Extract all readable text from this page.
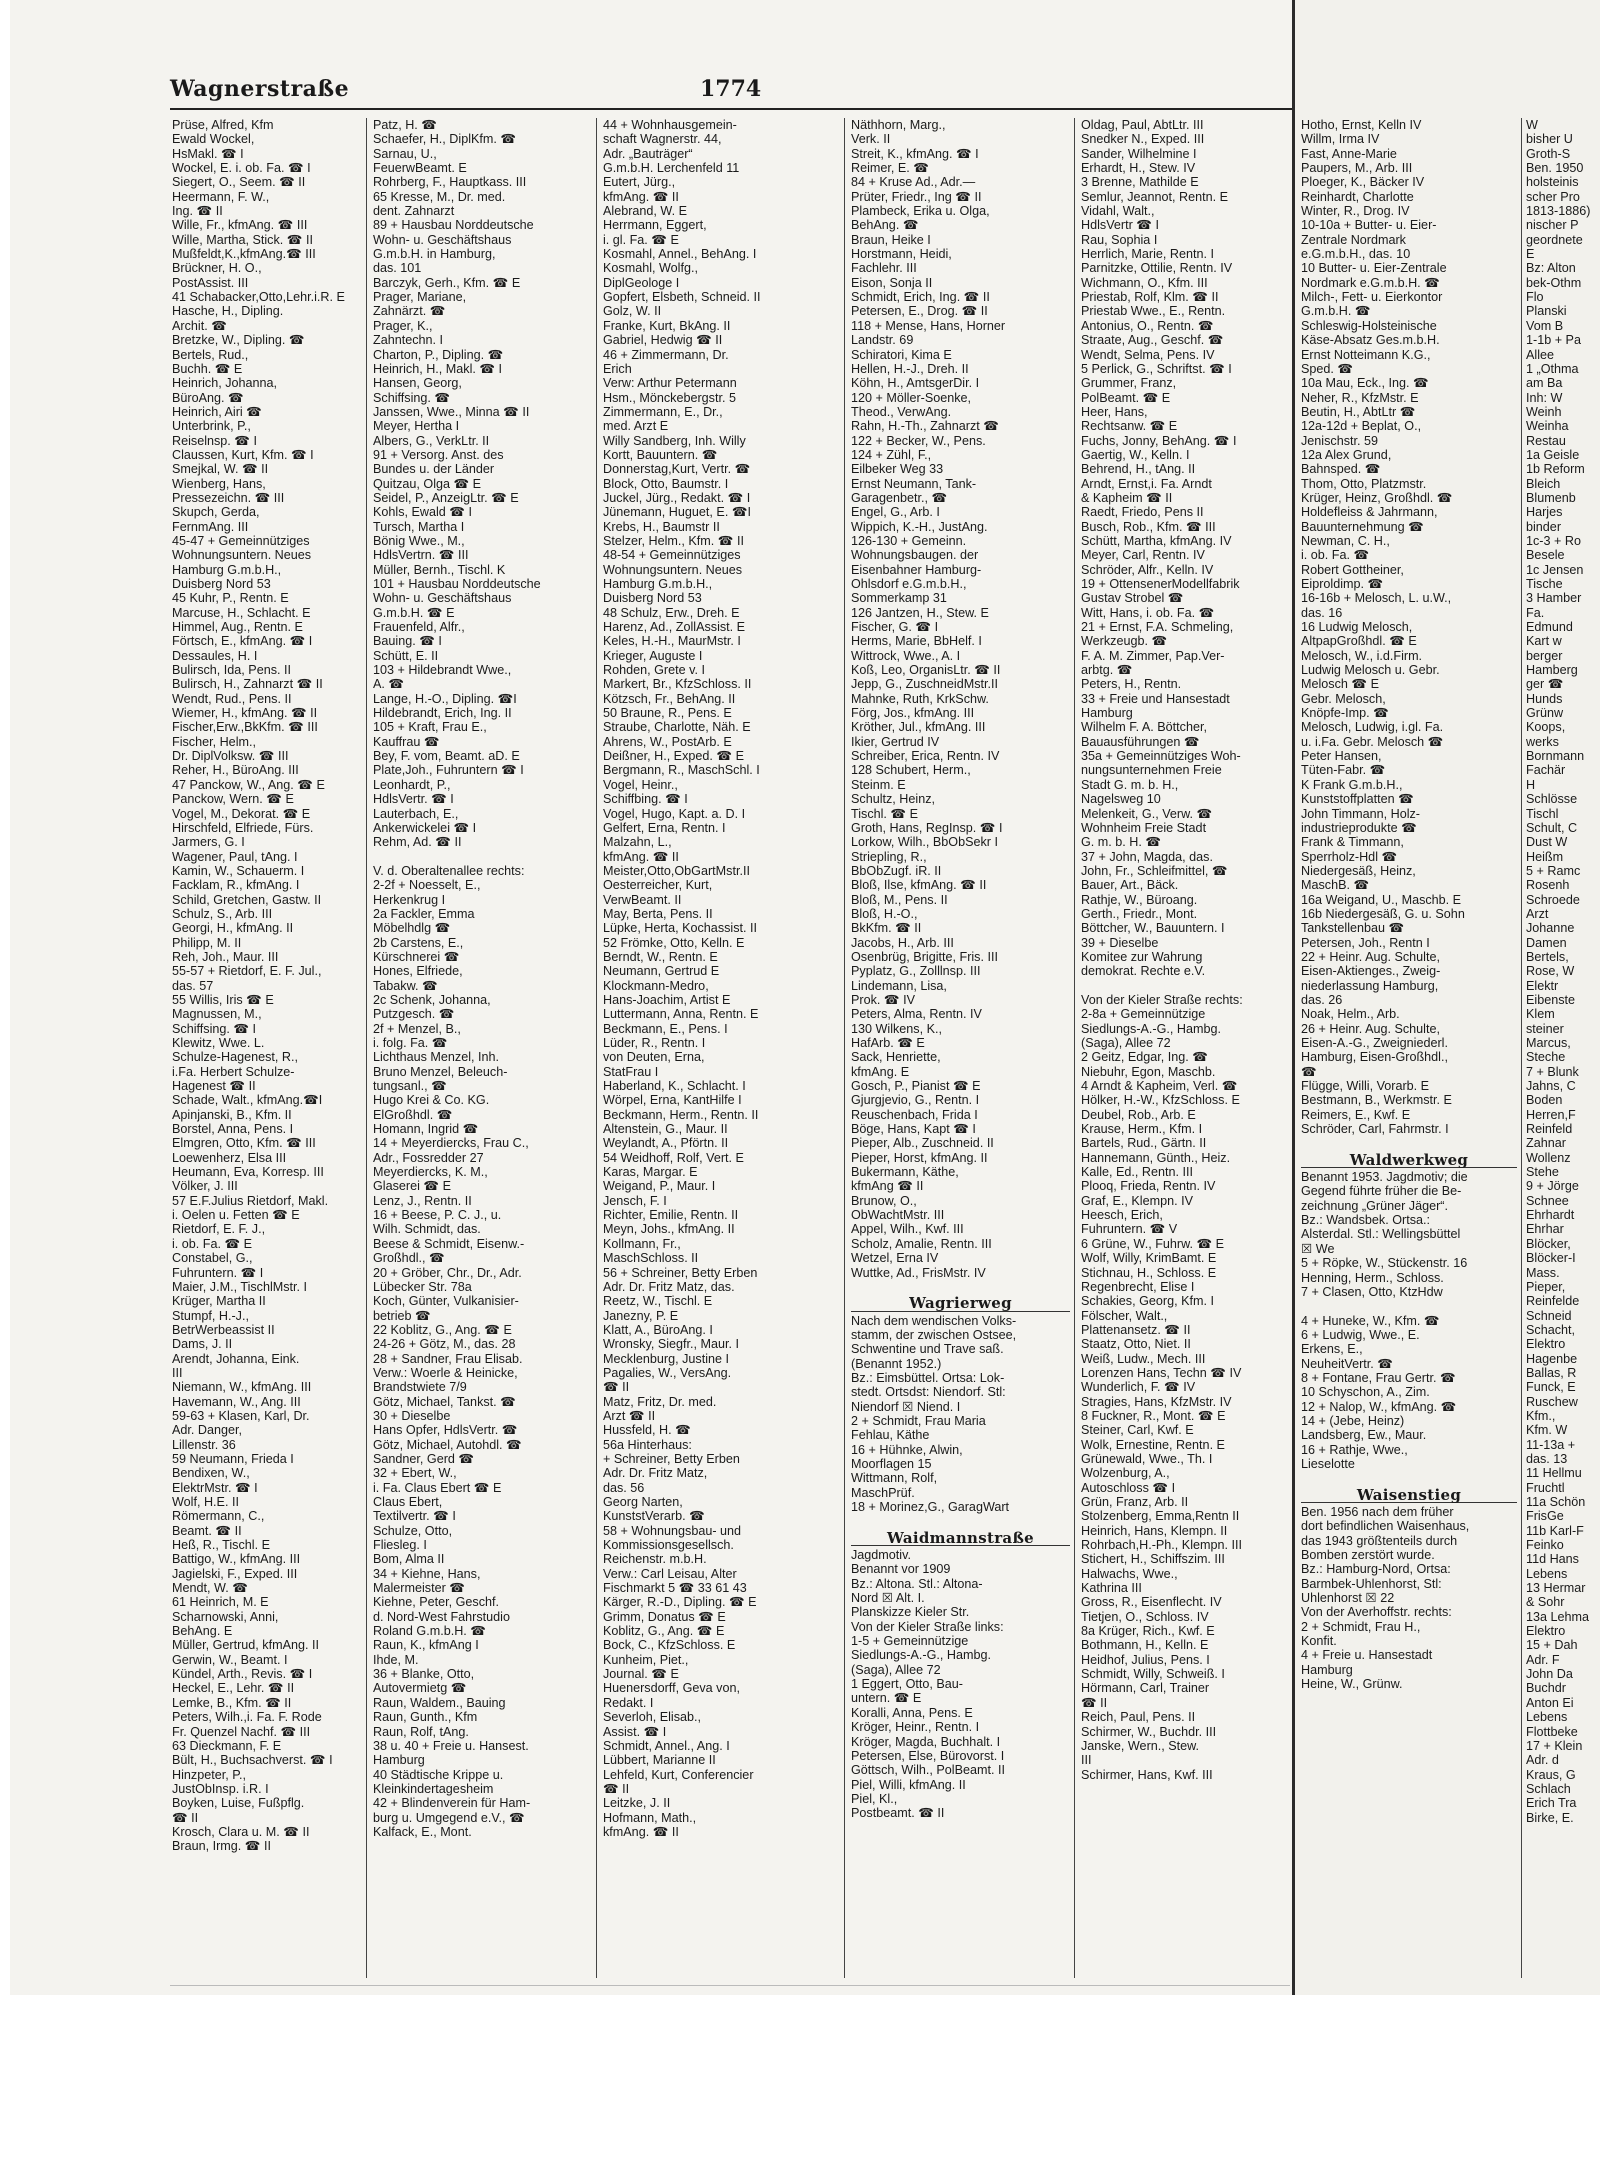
Wagnerstraße	1774
Prüse, Alfred, Kfm
Ewald Wockel,
HsMakl. ☎ I
Wockel, E. i. ob. Fa. ☎ I
Siegert, O., Seem. ☎ II
Heermann, F. W.,
Ing. ☎ II
Wille, Fr., kfmAng. ☎ III
Wille, Martha, Stick. ☎ II
Mußfeldt,K.,kfmAng.☎ III
Brückner, H. O.,
PostAssist. III
41 Schabacker,Otto,Lehr.i.R. E
Hasche, H., Dipling.
Archit. ☎
Bretzke, W., Dipling. ☎
Bertels, Rud.,
Buchh. ☎ E
Heinrich, Johanna,
BüroAng. ☎
Heinrich, Airi ☎
Unterbrink, P.,
Reiselnsp. ☎ I
Claussen, Kurt, Kfm. ☎ I
Smejkal, W. ☎ II
Wienberg, Hans,
Pressezeichn. ☎ III
Skupch, Gerda,
FernmAng. III
45-47 + Gemeinnütziges
Wohnungsuntern. Neues
Hamburg G.m.b.H.,
Duisberg Nord 53
45 Kuhr, P., Rentn. E
Marcuse, H., Schlacht. E
Himmel, Aug., Rentn. E
Förtsch, E., kfmAng. ☎ I
Dessaules, H. I
Bulirsch, Ida, Pens. II
Bulirsch, H., Zahnarzt ☎ II
Wendt, Rud., Pens. II
Wiemer, H., kfmAng. ☎ II
Fischer,Erw.,BkKfm. ☎ III
Fischer, Helm.,
Dr. DiplVolksw. ☎ III
Reher, H., BüroAng. III
47 Panckow, W., Ang. ☎ E
Panckow, Wern. ☎ E
Vogel, M., Dekorat. ☎ E
Hirschfeld, Elfriede, Fürs.
Jarmers, G. I
Wagener, Paul, tAng. I
Kamin, W., Schauerm. I
Facklam, R., kfmAng. I
Schild, Gretchen, Gastw. II
Schulz, S., Arb. III
Georgi, H., kfmAng. II
Philipp, M. II
Reh, Joh., Maur. III
55-57 + Rietdorf, E. F. Jul.,
das. 57
55 Willis, Iris ☎ E
Magnussen, M.,
Schiffsing. ☎ I
Klewitz, Wwe. L.
Schulze-Hagenest, R.,
i.Fa. Herbert Schulze-
Hagenest ☎ II
Schade, Walt., kfmAng.☎I
Apinjanski, B., Kfm. II
Borstel, Anna, Pens. I
Elmgren, Otto, Kfm. ☎ III
Loewenherz, Elsa III
Heumann, Eva, Korresp. III
Völker, J. III
57 E.F.Julius Rietdorf, Makl.
i. Oelen u. Fetten ☎ E
Rietdorf, E. F. J.,
i. ob. Fa. ☎ E
Constabel, G.,
Fuhruntern. ☎ I
Maier, J.M., TischlMstr. I
Krüger, Martha II
Stumpf, H.-J.,
BetrWerbeassist II
Dams, J. II
Arendt, Johanna, Eink.
III
Niemann, W., kfmAng. III
Havemann, W., Ang. III
59-63 + Klasen, Karl, Dr.
Adr. Danger,
Lillenstr. 36
59 Neumann, Frieda I
Bendixen, W.,
ElektrMstr. ☎ I
Wolf, H.E. II
Römermann, C.,
Beamt. ☎ II
Heß, R., Tischl. E
Battigo, W., kfmAng. III
Jagielski, F., Exped. III
Mendt, W. ☎
61 Heinrich, M. E
Scharnowski, Anni,
BehAng. E
Müller, Gertrud, kfmAng. II
Gerwin, W., Beamt. I
Kündel, Arth., Revis. ☎ I
Heckel, E., Lehr. ☎ II
Lemke, B., Kfm. ☎ II
Peters, Wilh.,i. Fa. F. Rode
Fr. Quenzel Nachf. ☎ III
63 Dieckmann, F. E
Bült, H., Buchsachverst. ☎ I
Hinzpeter, P.,
JustObInsp. i.R. I
Boyken, Luise, Fußpflg.
☎ II
Krosch, Clara u. M. ☎ II
Braun, Irmg. ☎ II
Patz, H. ☎
Schaefer, H., DiplKfm. ☎
Sarnau, U.,
FeuerwBeamt. E
Rohrberg, F., Hauptkass. III
65 Kresse, M., Dr. med.
dent. Zahnarzt
89 + Hausbau Norddeutsche
Wohn- u. Geschäftshaus
G.m.b.H. in Hamburg,
das. 101
Barczyk, Gerh., Kfm. ☎ E
Prager, Mariane,
Zahnärzt. ☎
Prager, K.,
Zahntechn. I
Charton, P., Dipling. ☎
Heinrich, H., Makl. ☎ I
Hansen, Georg,
Schiffsing. ☎
Janssen, Wwe., Minna ☎ II
Meyer, Hertha I
Albers, G., VerkLtr. II
91 + Versorg. Anst. des
Bundes u. der Länder
Quitzau, Olga ☎ E
Seidel, P., AnzeigLtr. ☎ E
Kohls, Ewald ☎ I
Tursch, Martha I
Bönig Wwe., M.,
HdlsVertrn. ☎ III
Müller, Bernh., Tischl. K
101 + Hausbau Norddeutsche
Wohn- u. Geschäftshaus
G.m.b.H. ☎ E
Frauenfeld, Alfr.,
Bauing. ☎ I
Schütt, E. II
103 + Hildebrandt Wwe.,
A. ☎
Lange, H.-O., Dipling. ☎I
Hildebrandt, Erich, Ing. II
105 + Kraft, Frau E.,
Kauffrau ☎
Bey, F. vom, Beamt. aD. E
Plate,Joh., Fuhruntern ☎ I
Leonhardt, P.,
HdlsVertr. ☎ I
Lauterbach, E.,
Ankerwickelei ☎ I
Rehm, Ad. ☎ II

V. d. Oberaltenallee rechts:
2-2f + Noesselt, E.,
Herkenkrug I
2a Fackler, Emma
Möbelhdlg ☎
2b Carstens, E.,
Kürschnerei ☎
Hones, Elfriede,
Tabakw. ☎
2c Schenk, Johanna,
Putzgesch. ☎
2f + Menzel, B.,
i. folg. Fa. ☎
Lichthaus Menzel, Inh.
Bruno Menzel, Beleuch-
tungsanl., ☎
Hugo Krei & Co. KG.
ElGroßhdl. ☎
Homann, Ingrid ☎
14 + Meyerdiercks, Frau C.,
Adr., Fossredder 27
Meyerdiercks, K. M.,
Glaserei ☎ E
Lenz, J., Rentn. II
16 + Beese, P. C. J., u.
Wilh. Schmidt, das.
Beese & Schmidt, Eisenw.-
Großhdl., ☎
20 + Gröber, Chr., Dr., Adr.
Lübecker Str. 78a
Koch, Günter, Vulkanisier-
betrieb ☎
22 Koblitz, G., Ang. ☎ E
24-26 + Götz, M., das. 28
28 + Sandner, Frau Elisab.
Verw.: Woerle & Heinicke,
Brandstwiete 7/9
Götz, Michael, Tankst. ☎
30 + Dieselbe
Hans Opfer, HdlsVertr. ☎
Götz, Michael, Autohdl. ☎
Sandner, Gerd ☎
32 + Ebert, W.,
i. Fa. Claus Ebert ☎ E
Claus Ebert,
Textilvertr. ☎ I
Schulze, Otto,
Fliesleg. I
Bom, Alma II
34 + Kiehne, Hans,
Malermeister ☎
Kiehne, Peter, Geschf.
d. Nord-West Fahrstudio
Roland G.m.b.H. ☎
Raun, K., kfmAng I
Ihde, M.
36 + Blanke, Otto,
Autovermietg ☎
Raun, Waldem., Bauing
Raun, Gunth., Kfm
Raun, Rolf, tAng.
38 u. 40 + Freie u. Hansest.
Hamburg
40 Städtische Krippe u.
Kleinkindertagesheim
42 + Blindenverein für Ham-
burg u. Umgegend e.V., ☎
Kalfack, E., Mont.
44 + Wohnhausgemein-
schaft Wagnerstr. 44,
Adr. „Bauträger“
G.m.b.H. Lerchenfeld 11
Eutert, Jürg.,
kfmAng. ☎ II
Alebrand, W. E
Herrmann, Eggert,
i. gl. Fa. ☎ E
Kosmahl, Annel., BehAng. I
Kosmahl, Wolfg.,
DiplGeologe I
Gopfert, Elsbeth, Schneid. II
Golz, W. II
Franke, Kurt, BkAng. II
Gabriel, Hedwig ☎ II
46 + Zimmermann, Dr.
Erich
Verw: Arthur Petermann
Hsm., Mönckebergstr. 5
Zimmermann, E., Dr.,
med. Arzt E
Willy Sandberg, Inh. Willy
Kortt, Bauuntern. ☎
Donnerstag,Kurt, Vertr. ☎
Block, Otto, Baumstr. I
Juckel, Jürg., Redakt. ☎ I
Jünemann, Huguet, E. ☎I
Krebs, H., Baumstr II
Stelzer, Helm., Kfm. ☎ II
48-54 + Gemeinnütziges
Wohnungsuntern. Neues
Hamburg G.m.b.H.,
Duisberg Nord 53
48 Schulz, Erw., Dreh. E
Harenz, Ad., ZollAssist. E
Keles, H.-H., MaurMstr. I
Krieger, Auguste I
Rohden, Grete v. I
Markert, Br., KfzSchloss. II
Kötzsch, Fr., BehAng. II
50 Braune, R., Pens. E
Straube, Charlotte, Näh. E
Ahrens, W., PostArb. E
Deißner, H., Exped. ☎ E
Bergmann, R., MaschSchl. I
Vogel, Heinr.,
Schiffbing. ☎ I
Vogel, Hugo, Kapt. a. D. I
Gelfert, Erna, Rentn. I
Malzahn, L.,
kfmAng. ☎ II
Meister,Otto,ObGartMstr.II
Oesterreicher, Kurt,
VerwBeamt. II
May, Berta, Pens. II
Lüpke, Herta, Kochassist. II
52 Frömke, Otto, Kelln. E
Berndt, W., Rentn. E
Neumann, Gertrud E
Klockmann-Medro,
Hans-Joachim, Artist E
Luttermann, Anna, Rentn. E
Beckmann, E., Pens. I
Lüder, R., Rentn. I
von Deuten, Erna,
StatFrau I
Haberland, K., Schlacht. I
Wörpel, Erna, KantHilfe I
Beckmann, Herm., Rentn. II
Altenstein, G., Maur. II
Weylandt, A., Pförtn. II
54 Weidhoff, Rolf, Vert. E
Karas, Margar. E
Weigand, P., Maur. I
Jensch, F. I
Richter, Emilie, Rentn. II
Meyn, Johs., kfmAng. II
Kollmann, Fr.,
MaschSchloss. II
56 + Schreiner, Betty Erben
Adr. Dr. Fritz Matz, das.
Reetz, W., Tischl. E
Janezny, P. E
Klatt, A., BüroAng. I
Wronsky, Siegfr., Maur. I
Mecklenburg, Justine I
Pagalies, W., VersAng.
☎ II
Matz, Fritz, Dr. med.
Arzt ☎ II
Hussfeld, H. ☎
56a Hinterhaus:
+ Schreiner, Betty Erben
Adr. Dr. Fritz Matz,
das. 56
Georg Narten,
KunststVerarb. ☎
58 + Wohnungsbau- und
Kommissionsgesellsch.
Reichenstr. m.b.H.
Verw.: Carl Leisau, Alter
Fischmarkt 5 ☎ 33 61 43
Kärger, R.-D., Dipling. ☎ E
Grimm, Donatus ☎ E
Koblitz, G., Ang. ☎ E
Bock, C., KfzSchloss. E
Kunheim, Piet.,
Journal. ☎ E
Huenersdorff, Geva von,
Redakt. I
Severloh, Elisab.,
Assist. ☎ I
Schmidt, Annel., Ang. I
Lübbert, Marianne II
Lehfeld, Kurt, Conferencier
☎ II
Leitzke, J. II
Hofmann, Math.,
kfmAng. ☎ II
Näthhorn, Marg.,
Verk. II
Streit, K., kfmAng. ☎ I
Reimer, E. ☎
84 + Kruse Ad., Adr.—
Prüter, Friedr., Ing ☎ II
Plambeck, Erika u. Olga,
BehAng. ☎
Braun, Heike I
Horstmann, Heidi,
Fachlehr. III
Eison, Sonja II
Schmidt, Erich, Ing. ☎ II
Petersen, E., Drog. ☎ II
118 + Mense, Hans, Horner
Landstr. 69
Schiratori, Kima E
Hellen, H.-J., Dreh. II
Köhn, H., AmtsgerDir. I
120 + Möller-Soenke,
Theod., VerwAng.
Rahn, H.-Th., Zahnarzt ☎
122 + Becker, W., Pens.
124 + Zühl, F.,
Eilbeker Weg 33
Ernst Neumann, Tank-
Garagenbetr., ☎
Engel, G., Arb. I
Wippich, K.-H., JustAng.
126-130 + Gemeinn.
Wohnungsbaugen. der
Eisenbahner Hamburg-
Ohlsdorf e.G.m.b.H.,
Sommerkamp 31
126 Jantzen, H., Stew. E
Fischer, G. ☎ I
Herms, Marie, BbHelf. I
Wittrock, Wwe., A. I
Koß, Leo, OrganisLtr. ☎ II
Jepp, G., ZuschneidMstr.II
Mahnke, Ruth, KrkSchw.
Förg, Jos., kfmAng. III
Kröther, Jul., kfmAng. III
Ikier, Gertrud IV
Schreiber, Erica, Rentn. IV
128 Schubert, Herm.,
Steinm. E
Schultz, Heinz,
Tischl. ☎ E
Groth, Hans, RegInsp. ☎ I
Lorkow, Wilh., BbObSekr I
Striepling, R.,
BbObZugf. iR. II
Bloß, Ilse, kfmAng. ☎ II
Bloß, M., Pens. II
Bloß, H.-O.,
BkKfm. ☎ II
Jacobs, H., Arb. III
Osenbrüg, Brigitte, Fris. III
Pyplatz, G., Zolllnsp. III
Lindemann, Lisa,
Prok. ☎ IV
Peters, Alma, Rentn. IV
130 Wilkens, K.,
HafArb. ☎ E
Sack, Henriette,
kfmAng. E
Gosch, P., Pianist ☎ E
Gjurgjevio, G., Rentn. I
Reuschenbach, Frida I
Böge, Hans, Kapt ☎ I
Pieper, Alb., Zuschneid. II
Pieper, Horst, kfmAng. II
Bukermann, Käthe,
kfmAng ☎ II
Brunow, O.,
ObWachtMstr. III
Appel, Wilh., Kwf. III
Scholz, Amalie, Rentn. III
Wetzel, Erna IV
Wuttke, Ad., FrisMstr. IV

Wagrierweg
Nach dem wendischen Volks-
stamm, der zwischen Ostsee,
Schwentine und Trave saß.
(Benannt 1952.)
Bz.: Eimsbüttel. Ortsa: Lok-
stedt. Ortsdst: Niendorf. Stl:
Niendorf ☒ Niend. I
2 + Schmidt, Frau Maria
Fehlau, Käthe
16 + Hühnke, Alwin,
Moorflagen 15
Wittmann, Rolf,
MaschPrüf.
18 + Morinez,G., GaragWart

Waidmannstraße
Jagdmotiv.
Benannt vor 1909
Bz.: Altona. Stl.: Altona-
Nord ☒ Alt. I.
Planskizze Kieler Str.
Von der Kieler Straße links:
1-5 + Gemeinnützige
Siedlungs-A.-G., Hambg.
(Saga), Allee 72
1 Eggert, Otto, Bau-
untern. ☎ E
Koralli, Anna, Pens. E
Kröger, Heinr., Rentn. I
Kröger, Magda, Buchhalt. I
Petersen, Else, Bürovorst. I
Göttsch, Wilh., PolBeamt. II
Piel, Willi, kfmAng. II
Piel, Kl.,
Postbeamt. ☎ II
Oldag, Paul, AbtLtr. III
Snedker N., Exped. III
Sander, Wilhelmine I
Erhardt, H., Stew. IV
3 Brenne, Mathilde E
Semlur, Jeannot, Rentn. E
Vidahl, Walt.,
HdlsVertr ☎ I
Rau, Sophia I
Herrlich, Marie, Rentn. I
Parnitzke, Ottilie, Rentn. IV
Wichmann, O., Kfm. III
Priestab, Rolf, Klm. ☎ II
Priestab Wwe., E., Rentn.
Antonius, O., Rentn. ☎
Straate, Aug., Geschf. ☎
Wendt, Selma, Pens. IV
5 Perlick, G., Schriftst. ☎ I
Grummer, Franz,
PolBeamt. ☎ E
Heer, Hans,
Rechtsanw. ☎ E
Fuchs, Jonny, BehAng. ☎ I
Gaertig, W., Kelln. I
Behrend, H., tAng. II
Arndt, Ernst,i. Fa. Arndt
& Kapheim ☎ II
Raedt, Friedo, Pens II
Busch, Rob., Kfm. ☎ III
Schütt, Martha, kfmAng. IV
Meyer, Carl, Rentn. IV
Schröder, Alfr., Kelln. IV
19 + OttensenerModellfabrik
Gustav Strobel ☎
Witt, Hans, i. ob. Fa. ☎
21 + Ernst, F.A. Schmeling,
Werkzeugb. ☎
F. A. M. Zimmer, Pap.Ver-
arbtg. ☎
Peters, H., Rentn.
33 + Freie und Hansestadt
Hamburg
Wilhelm F. A. Böttcher,
Bauausführungen ☎
35a + Gemeinnütziges Woh-
nungsunternehmen Freie
Stadt G. m. b. H.,
Nagelsweg 10
Melenkeit, G., Verw. ☎
Wohnheim Freie Stadt
G. m. b. H. ☎
37 + John, Magda, das.
John, Fr., Schleifmittel, ☎
Bauer, Art., Bäck.
Rathje, W., Büroang.
Gerth., Friedr., Mont.
Böttcher, W., Bauuntern. I
39 + Dieselbe
Komitee zur Wahrung
demokrat. Rechte e.V.

Von der Kieler Straße rechts:
2-8a + Gemeinnützige
Siedlungs-A.-G., Hambg.
(Saga), Allee 72
2 Geitz, Edgar, Ing. ☎
Niebuhr, Egon, Maschb.
4 Arndt & Kapheim, Verl. ☎
Hölker, H.-W., KfzSchloss. E
Deubel, Rob., Arb. E
Krause, Herm., Kfm. I
Bartels, Rud., Gärtn. II
Hannemann, Günth., Heiz.
Kalle, Ed., Rentn. III
Plooq, Frieda, Rentn. IV
Graf, E., Klempn. IV
Heesch, Erich,
Fuhruntern. ☎ V
6 Grüne, W., Fuhrw. ☎ E
Wolf, Willy, KrimBamt. E
Stichnau, H., Schloss. E
Regenbrecht, Elise I
Schakies, Georg, Kfm. I
Fölscher, Walt.,
Plattenansetz. ☎ II
Staatz, Otto, Niet. II
Weiß, Ludw., Mech. III
Lorenzen Hans, Techn ☎ IV
Wunderlich, F. ☎ IV
Stragies, Hans, KfzMstr. IV
8 Fuckner, R., Mont. ☎ E
Steiner, Carl, Kwf. E
Wolk, Ernestine, Rentn. E
Grünewald, Wwe., Th. I
Wolzenburg, A.,
Autoschloss ☎ I
Grün, Franz, Arb. II
Stolzenberg, Emma,Rentn II
Heinrich, Hans, Klempn. II
Rohrbach,H.-Ph., Klempn. III
Stichert, H., Schiffszim. III
Halwachs, Wwe.,
Kathrina III
Gross, R., Eisenflecht. IV
Tietjen, O., Schloss. IV
8a Krüger, Rich., Kwf. E
Bothmann, H., Kelln. E
Heidhof, Julius, Pens. I
Schmidt, Willy, Schweiß. I
Hörmann, Carl, Trainer
☎ II
Reich, Paul, Pens. II
Schirmer, W., Buchdr. III
Janske, Wern., Stew.
III
Schirmer, Hans, Kwf. III
Hotho, Ernst, Kelln IV
Willm, Irma IV
Fast, Anne-Marie
Paupers, M., Arb. III
Ploeger, K., Bäcker IV
Reinhardt, Charlotte
Winter, R., Drog. IV
10-10a + Butter- u. Eier-
Zentrale Nordmark
e.G.m.b.H., das. 10
10 Butter- u. Eier-Zentrale
Nordmark e.G.m.b.H. ☎
Milch-, Fett- u. Eierkontor
G.m.b.H. ☎
Schleswig-Holsteinische
Käse-Absatz Ges.m.b.H.
Ernst Notteimann K.G.,
Sped. ☎
10a Mau, Eck., Ing. ☎
Neher, R., KfzMstr. E
Beutin, H., AbtLtr ☎
12a-12d + Beplat, O.,
Jenischstr. 59
12a Alex Grund,
Bahnsped. ☎
Thom, Otto, Platzmstr.
Krüger, Heinz, Großhdl. ☎
Holdefleiss & Jahrmann,
Bauunternehmung ☎
Newman, C. H.,
i. ob. Fa. ☎
Robert Gottheiner,
Eiproldimp. ☎
16-16b + Melosch, L. u.W.,
das. 16
16 Ludwig Melosch,
AltpapGroßhdl. ☎ E
Melosch, W., i.d.Firm.
Ludwig Melosch u. Gebr.
Melosch ☎ E
Gebr. Melosch,
Knöpfe-Imp. ☎
Melosch, Ludwig, i.gl. Fa.
u. i.Fa. Gebr. Melosch ☎
Peter Hansen,
Tüten-Fabr. ☎
K Frank G.m.b.H.,
Kunststoffplatten ☎
John Timmann, Holz-
industrieprodukte ☎
Frank & Timmann,
Sperrholz-Hdl ☎
Niedergesäß, Heinz,
MaschB. ☎
16a Weigand, U., Maschb. E
16b Niedergesäß, G. u. Sohn
Tankstellenbau ☎
Petersen, Joh., Rentn I
22 + Heinr. Aug. Schulte,
Eisen-Aktienges., Zweig-
niederlassung Hamburg,
das. 26
Noak, Helm., Arb.
26 + Heinr. Aug. Schulte,
Eisen-A.-G., Zweigniederl.
Hamburg, Eisen-Großhdl.,
☎
Flügge, Willi, Vorarb. E
Bestmann, B., Werkmstr. E
Reimers, E., Kwf. E
Schröder, Carl, Fahrmstr. I

Waldwerkweg
Benannt 1953. Jagdmotiv; die
Gegend führte früher die Be-
zeichnung „Grüner Jäger“.
Bz.: Wandsbek. Ortsa.:
Alsterdal. Stl.: Wellingsbüttel
☒ We
5 + Röpke, W., Stückenstr. 16
Henning, Herm., Schloss.
7 + Clasen, Otto, KtzHdw

4 + Huneke, W., Kfm. ☎
6 + Ludwig, Wwe., E.
Erkens, E.,
NeuheitVertr. ☎
8 + Fontane, Frau Gertr. ☎
10 Schyschon, A., Zim.
12 + Nalop, W., kfmAng. ☎
14 + (Jebe, Heinz)
Landsberg, Ew., Maur.
16 + Rathje, Wwe.,
Lieselotte

Waisenstieg
Ben. 1956 nach dem früher
dort befindlichen Waisenhaus,
das 1943 größtenteils durch
Bomben zerstört wurde.
Bz.: Hamburg-Nord, Ortsa:
Barmbek-Uhlenhorst, Stl:
Uhlenhorst ☒ 22
Von der Averhoffstr. rechts:
2 + Schmidt, Frau H.,
Konfit.
4 + Freie u. Hansestadt
Hamburg
Heine, W., Grünw.
W
bisher U
Groth-S
Ben. 1950
holsteinis
scher Pro
1813-1886)
nischer P
geordnete
E
Bz: Alton
bek-Othm
Flo
Planski
Vom B
1-1b + Pa
Allee
1 „Othma
am Ba
Inh: W
Weinh
Weinha
Restau
1a Geisle
1b Reform
Bleich
Blumenb
Harjes
binder
1c-3 + Ro
Besele
1c Jensen
Tische
3 Hamber
Fa.
Edmund
Kart w
berger
Hamberg
ger ☎
Hunds
Grünw
Koops,
werks
Bornmann
Fachär
H
Schlösse
Tischl
Schult, C
Dust W
Heißm
5 + Ramc
Rosenh
Schroede
Arzt
Johanne
Damen
Bertels,
Rose, W
Elektr
Eibenste
Klem
steiner
Marcus,
Steche
7 + Blunk
Jahns, C
Boden
Herren,F
Reinfeld
Zahnar
Wollenz
Stehe
9 + Jörge
Schnee
Ehrhardt
Ehrhar
Blöcker,
Blöcker-I
Mass.
Pieper,
Reinfelde
Schneid
Schacht,
Elektro
Hagenbe
Ballas, R
Funck, E
Ruschew
Kfm.,
Kfm. W
11-13a +
das. 13
11 Hellmu
Fruchtl
11a Schön
FrisGe
11b Karl-F
Feinko
11d Hans
Lebens
13 Hermar
& Sohr
13a Lehma
Elektro
15 + Dah
Adr. F
John Da
Buchdr
Anton Ei
Lebens
Flottbeke
17 + Klein
Adr. d
Kraus, G
Schlach
Erich Tra
Birke, E.
